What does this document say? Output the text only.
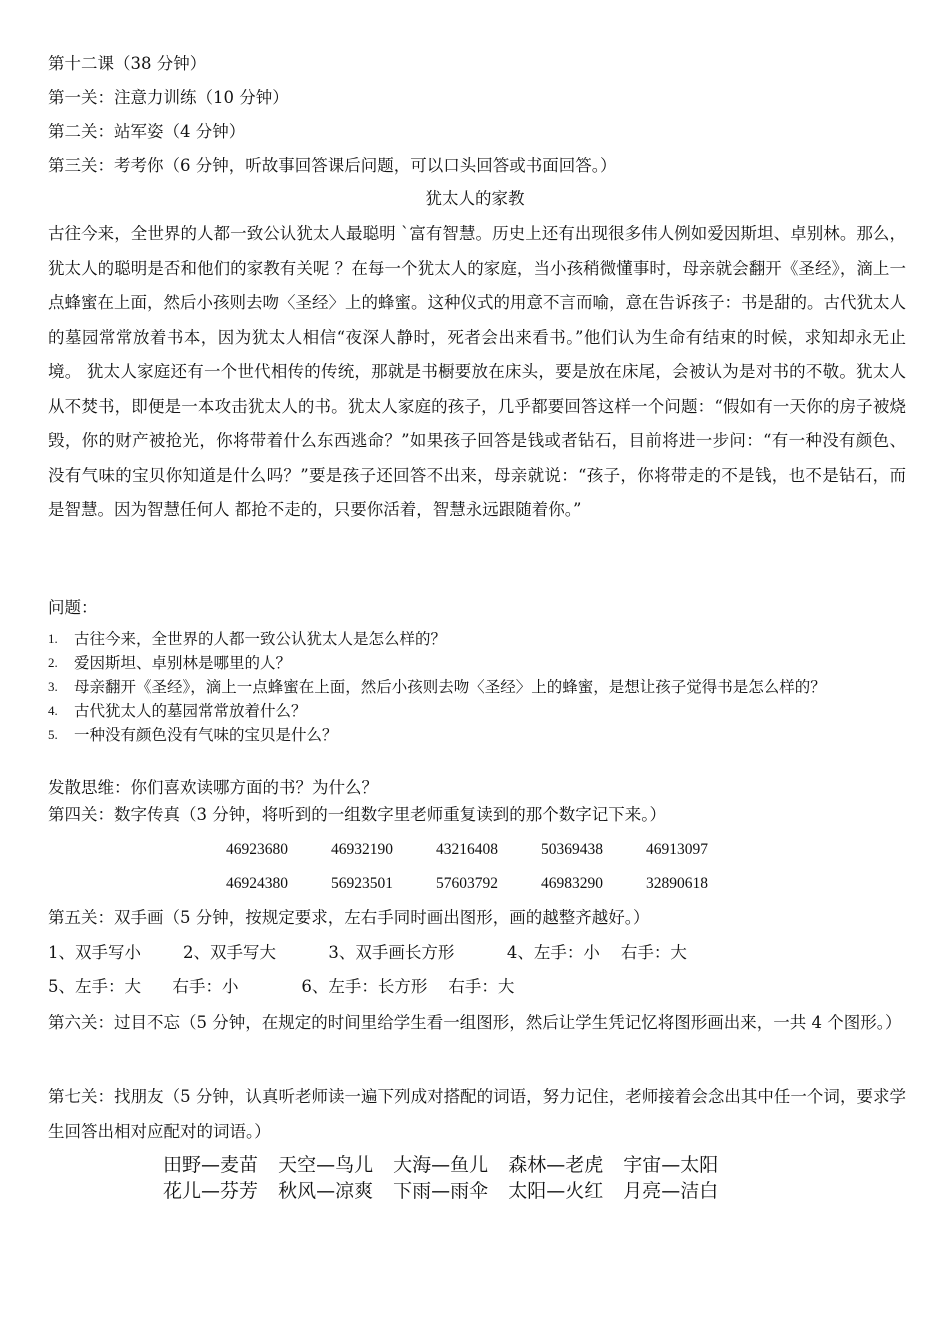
第十二课（38 分钟）
第一关：注意力训练（10 分钟）
第二关：站军姿（4 分钟）
第三关：考考你（6 分钟，听故事回答课后问题，可以口头回答或书面回答。）
犹太人的家教
古往今来，全世界的人都一致公认犹太人最聪明 `富有智慧。历史上还有出现很多伟人例如爱因斯坦、卓别林。那么，犹太人的聪明是否和他们的家教有关呢 ？在每一个犹太人的家庭，当小孩稍微懂事时，母亲就会翻开《圣经》，滴上一点蜂蜜在上面，然后小孩则去吻〈圣经〉上的蜂蜜。这种仪式的用意不言而喻，意在告诉孩子：书是甜的。古代犹太人的墓园常常放着书本，因为犹太人相信“夜深人静时，死者会出来看书。”他们认为生命有结束的时候，求知却永无止境。 犹太人家庭还有一个世代相传的传统，那就是书橱要放在床头，要是放在床尾，会被认为是对书的不敬。犹太人从不焚书，即便是一本攻击犹太人的书。犹太人家庭的孩子，几乎都要回答这样一个问题：“假如有一天你的房子被烧毁，你的财产被抢光，你将带着什么东西逃命？”如果孩子回答是钱或者钻石，目前将进一步问：“有一种没有颜色、没有气味的宝贝你知道是什么吗？”要是孩子还回答不出来，母亲就说：“孩子，你将带走的不是钱，也不是钻石，而是智慧。因为智慧任何人 都抢不走的，只要你活着，智慧永远跟随着你。”
问题：
1. 古往今来，全世界的人都一致公认犹太人是怎么样的？
2. 爱因斯坦、卓别林是哪里的人？
3. 母亲翻开《圣经》，滴上一点蜂蜜在上面，然后小孩则去吻〈圣经〉上的蜂蜜，是想让孩子觉得书是怎么样的？
4. 古代犹太人的墓园常常放着什么？
5. 一种没有颜色没有气味的宝贝是什么？
发散思维：你们喜欢读哪方面的书？为什么？
第四关：数字传真（3 分钟，将听到的一组数字里老师重复读到的那个数字记下来。）
46923680	46932190	43216408	50369438	46913097
46924380	56923501	57603792	46983290	32890618
第五关：双手画（5 分钟，按规定要求，左右手同时画出图形，画的越整齐越好。）
1、双手写小	2、双手写大	3、双手画长方形	4、左手：小    右手：大
5、左手：大      右手：小	6、左手：长方形    右手：大
第六关：过目不忘（5 分钟，在规定的时间里给学生看一组图形，然后让学生凭记忆将图形画出来，一共 4 个图形。）
第七关：找朋友（5 分钟，认真听老师读一遍下列成对搭配的词语，努力记住，老师接着会念出其中任一个词，要求学生回答出相对应配对的词语。）
田野—麦苗 天空—鸟儿 大海—鱼儿 森林—老虎 宇宙—太阳
花儿—芬芳 秋风—凉爽 下雨—雨伞 太阳—火红 月亮—洁白
